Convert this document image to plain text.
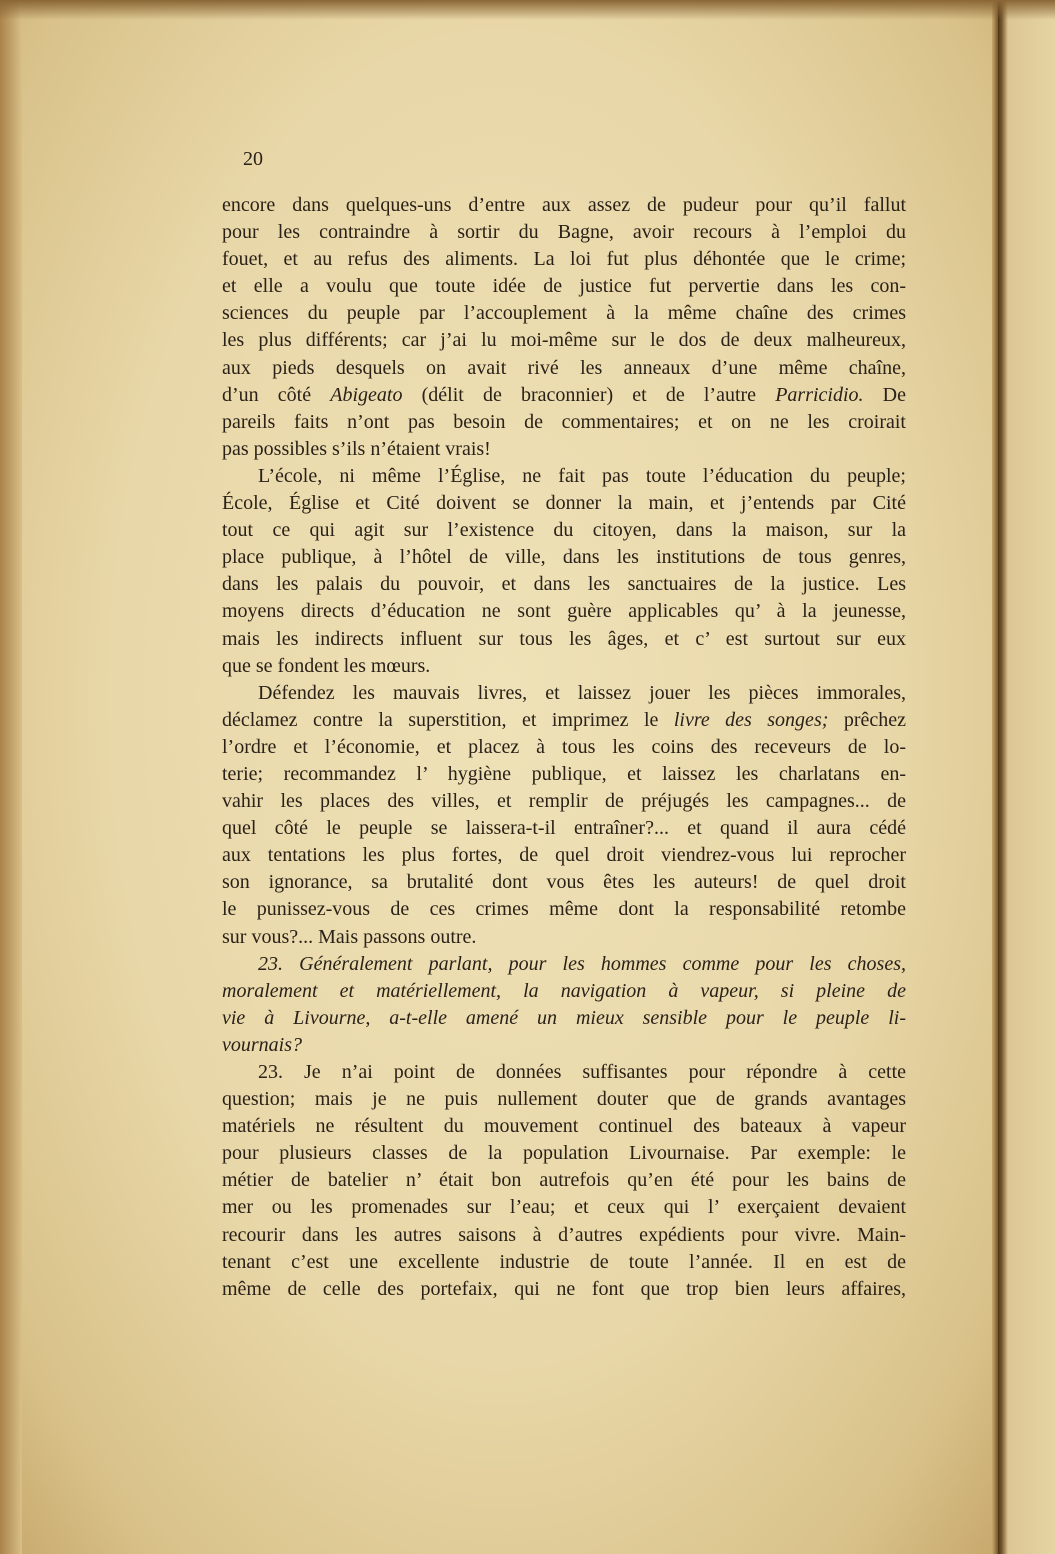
20
encore dans quelques-uns d’entre aux assez de pudeur pour qu’il fallut
pour les contraindre à sortir du Bagne, avoir recours à l’emploi du
fouet, et au refus des aliments. La loi fut plus déhontée que le crime;
et elle a voulu que toute idée de justice fut pervertie dans les con-
sciences du peuple par l’accouplement à la même chaîne des crimes
les plus différents; car j’ai lu moi-même sur le dos de deux malheureux,
aux pieds desquels on avait rivé les anneaux d’une même chaîne,
d’un côté Abigeato (délit de braconnier) et de l’autre Parricidio. De
pareils faits n’ont pas besoin de commentaires; et on ne les croirait
pas possibles s’ils n’étaient vrais!
L’école, ni même l’Église, ne fait pas toute l’éducation du peuple;
École, Église et Cité doivent se donner la main, et j’entends par Cité
tout ce qui agit sur l’existence du citoyen, dans la maison, sur la
place publique, à l’hôtel de ville, dans les institutions de tous genres,
dans les palais du pouvoir, et dans les sanctuaires de la justice. Les
moyens directs d’éducation ne sont guère applicables qu’ à la jeunesse,
mais les indirects influent sur tous les âges, et c’ est surtout sur eux
que se fondent les mœurs.
Défendez les mauvais livres, et laissez jouer les pièces immorales,
déclamez contre la superstition, et imprimez le livre des songes; prêchez
l’ordre et l’économie, et placez à tous les coins des receveurs de lo-
terie; recommandez l’ hygiène publique, et laissez les charlatans en-
vahir les places des villes, et remplir de préjugés les campagnes... de
quel côté le peuple se laissera-t-il entraîner?... et quand il aura cédé
aux tentations les plus fortes, de quel droit viendrez-vous lui reprocher
son ignorance, sa brutalité dont vous êtes les auteurs! de quel droit
le punissez-vous de ces crimes même dont la responsabilité retombe
sur vous?... Mais passons outre.
23. Généralement parlant, pour les hommes comme pour les choses,
moralement et matériellement, la navigation à vapeur, si pleine de
vie à Livourne, a-t-elle amené un mieux sensible pour le peuple li-
vournais?
23. Je n’ai point de données suffisantes pour répondre à cette
question; mais je ne puis nullement douter que de grands avantages
matériels ne résultent du mouvement continuel des bateaux à vapeur
pour plusieurs classes de la population Livournaise. Par exemple: le
métier de batelier n’ était bon autrefois qu’en été pour les bains de
mer ou les promenades sur l’eau; et ceux qui l’ exerçaient devaient
recourir dans les autres saisons à d’autres expédients pour vivre. Main-
tenant c’est une excellente industrie de toute l’année. Il en est de
même de celle des portefaix, qui ne font que trop bien leurs affaires,
